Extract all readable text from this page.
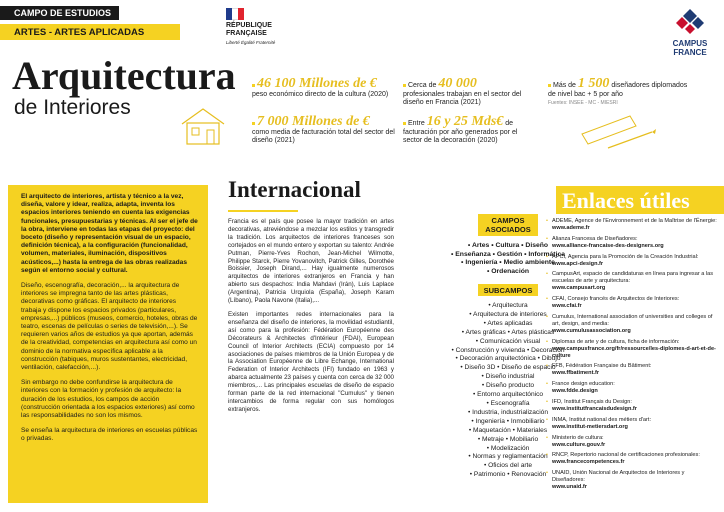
CAMPO DE ESTUDIOS
ARTES - ARTES APLICADAS
Arquitectura
de Interiores
RÉPUBLIQUE
FRANÇAISE
Liberté Égalité Fraternité	CAMPUS
FRANCE
46 100 Millones de €
peso económico directo de la cultura (2020)
7 000 Millones de €
como media de facturación total del sector del diseño (2021)
Cerca de 40 000
profesionales trabajan en el sector del diseño en Francia (2021)
Entre 16 y 25 Mds€ de facturación por año generados por el sector de la decoración (2020)
Más de 1 500 diseñadores diplomados de nivel bac + 5 por año
Fuentes: INSEE - MC - MIESRI

El arquitecto de interiores, artista y técnico a la vez, diseña, valore y idear, realiza, adapta, inventa los espacios interiores teniendo en cuenta las exigencias funcionales, presupuestarias y técnicas. Al ser el jefe de la obra, interviene en todas las etapas del proyecto: del boceto (diseño y representación visual de un espacio, definición técnica), a la configuración (funcionalidad, volumen, materiales, iluminación, dispositivos acústicos,...) hasta la entrega de las obras realizadas según el entorno social y cultural.

Diseño, escenografía, decoración,... la arquitectura de interiores se impregna tanto de las artes plásticas, decorativas como gráficas. El arquitecto de interiores trabaja y dispone los espacios privados (particulares, empresas,...) públicos (museos, comercio, hoteles, obras de teatro, escenas de películas o series de televisión,...). Se requieren varios años de estudios ya que aportan, además de la creatividad, competencias en arquitectura así como un dominio de la normativa específica aplicable a la construcción (tabiques, muros sustentantes, electricidad, ventilación, calefacción,...).

Sin embargo no debe confundirse la arquitectura de interiores con la formación y profesión de arquitecto: la duración de los estudios, los campos de acción (construcción orientada a los espacios exteriores) así como las responsabilidades no son los mismos.

Se enseña la arquitectura de interiores en escuelas públicas o privadas.

Internacional

Francia es el país que posee la mayor tradición en artes decorativas, atreviéndose a mezclar los estilos y transgredir la tradición. Los arquitectos de interiores franceses son cortejados en el mundo entero y exportan su talento: Andrée Putman, Pierre-Yves Rochon, Jean-Michel Wilmotte, Philippe Starck, Pierre Yovanovitch, Patrick Gilles, Dorothée Boissier, Joseph Dirand,... Hay igualmente numerosos arquitectos de interiores extranjeros en Francia y han abierto sus despachos: India Mahdavi (Irán), Luis Laplace (Argentina), Patricia Urquiola (España), Joseph Karam (Líbano), Paola Navone (Italia),...

Existen importantes redes internacionales para la enseñanza del diseño de interiores, la movilidad estudiantil, así como para la profesión: Fédération Européenne des Décorateurs & Architectes d'Intérieur (FDAI), European Council of Interior Architects (ECIA) compuesto por 14 asociaciones de países miembros de la Unión Europea y de la Association Européenne de Libre Echange, International Federation of Interior Architects (IFI) fundado en 1963 y abarca actualmente 23 países y cuenta con cerca de 32 000 miembros,... Las principales escuelas de diseño de espacio forman parte de la red internacional "Cumulus" y tienen intercambios de forma regular con sus homólogos extranjeros.

CAMPOS
ASOCIADOS
• Artes • Cultura • Diseño
• Enseñanza • Gestión • Informática
• Ingeniería • Medio ambiente
• Ordenación
SUBCAMPOS
• Arquitectura
• Arquitectura de interiores
• Artes aplicadas
• Artes gráficas • Artes plásticas
• Comunicación visual
• Construcción y vivienda • Decoración
• Decoración arquitectónica • Dibujo
• Diseño 3D • Diseño de espacio
• Diseño industrial
• Diseño producto
• Entorno arquitectónico
• Escenografía
• Industria, industrialización
• Ingeniería • Inmobiliario
• Maquetación • Materiales
• Metraje • Mobiliario
• Modelización
• Normas y reglamentación
• Oficios del arte
• Patrimonio • Renovación
Enlaces útiles
• ADEME, Agence de l'Environnement et de la Maîtrise de l'Énergie:
www.ademe.fr
• Alianza Francesa de Diseñadores:
www.alliance-francaise-des-designers.org
• APCI, Agencia para la Promoción de la Creación Industrial:
www.apci-design.fr
• CampusArt, espacio de candidaturas en línea para ingresar a las escuelas de arte y arquitectura:
www.campusart.org
• CFAI, Consejo francés de Arquitectos de Interiores:
www.cfai.fr
• Cumulus, International association of universities and colleges of art, design, and media:
www.cumulusassociation.org
• Diplomas de arte y de cultura, ficha de información:
www.campusfrance.org/fr/ressource/les-diplomes-d-art-et-de-culture
• FFB, Fédération Française du Bâtiment:
www.ffbatiment.fr
• France design education:
www.fdde.design
• IFD, Institut Français du Design:
www.institutfrancaisdudesign.fr
• INMA, Institut national des métiers d'art:
www.institut-metiersdart.org
• Ministerio de cultura:
www.culture.gouv.fr
• RNCP, Repertorio nacional de certificaciones profesionales:
www.francecompetences.fr
• UNAID, Unión Nacional de Arquitectos de Interiores y Diseñadores:
www.unaid.fr
